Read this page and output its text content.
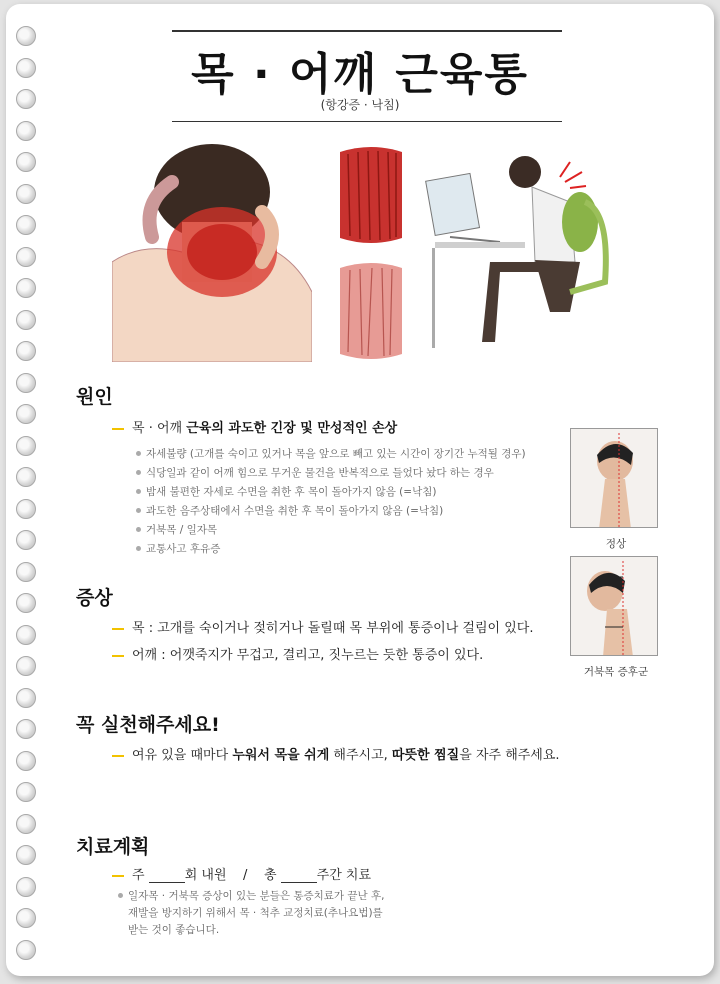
목 · 어깨 근육통
(항강증 · 낙침)
원인
목 · 어깨 근육의 과도한 긴장 및 만성적인 손상
자세불량 (고개를 숙이고 있거나 목을 앞으로 빼고 있는 시간이 장기간 누적될 경우)
식당일과 같이 어깨 힘으로 무거운 물건을 반복적으로 들었다 놨다 하는 경우
밤새 불편한 자세로 수면을 취한 후 목이 돌아가지 않음 (=낙침)
과도한 음주상태에서 수면을 취한 후 목이 돌아가지 않음 (=낙침)
거북목 / 일자목
교통사고 후유증	정상
거북목 증후군
증상
목 : 고개를 숙이거나 젖히거나 돌릴때 목 부위에 통증이나 걸림이 있다.
어깨 : 어깻죽지가 무겁고, 결리고, 짓누르는 듯한 통증이 있다.
꼭 실천해주세요!
여유 있을 때마다 누워서 목을 쉬게 해주시고, 따뜻한 찜질을 자주 해주세요.
치료계획
주	회 내원 / 총	주간 치료
일자목 · 거북목 증상이 있는 분들은 통증치료가 끝난 후,
재발을 방지하기 위해서 목 · 척추 교정치료(추나요법)를
받는 것이 좋습니다.
